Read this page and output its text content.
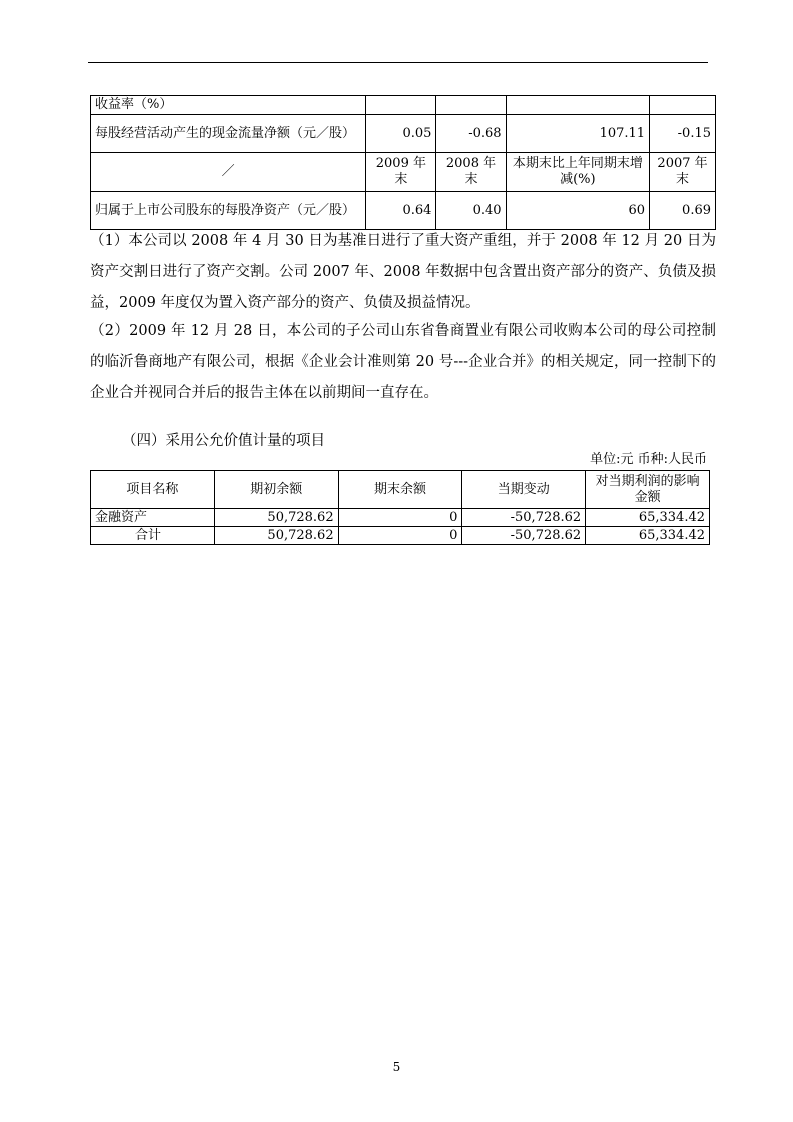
收益率（%）				
每股经营活动产生的现金流量净额（元／股）	0.05	-0.68	107.11	-0.15
／	2009 年末	2008 年末	本期末比上年同期末增减(%)	2007 年末
归属于上市公司股东的每股净资产（元／股）	0.64	0.40	60	0.69

（1）本公司以 2008 年 4 月 30 日为基准日进行了重大资产重组，并于 2008 年 12 月 20 日为资产交割日进行了资产交割。公司 2007 年、2008 年数据中包含置出资产部分的资产、负债及损益，2009 年度仅为置入资产部分的资产、负债及损益情况。

（2）2009 年 12 月 28 日，本公司的子公司山东省鲁商置业有限公司收购本公司的母公司控制的临沂鲁商地产有限公司，根据《企业会计准则第 20 号---企业合并》的相关规定，同一控制下的企业合并视同合并后的报告主体在以前期间一直存在。

（四）采用公允价值计量的项目

单位:元 币种:人民币
项目名称	期初余额	期末余额	当期变动	对当期利润的影响金额
金融资产	50,728.62	0	-50,728.62	65,334.42
合计	50,728.62	0	-50,728.62	65,334.42
5
